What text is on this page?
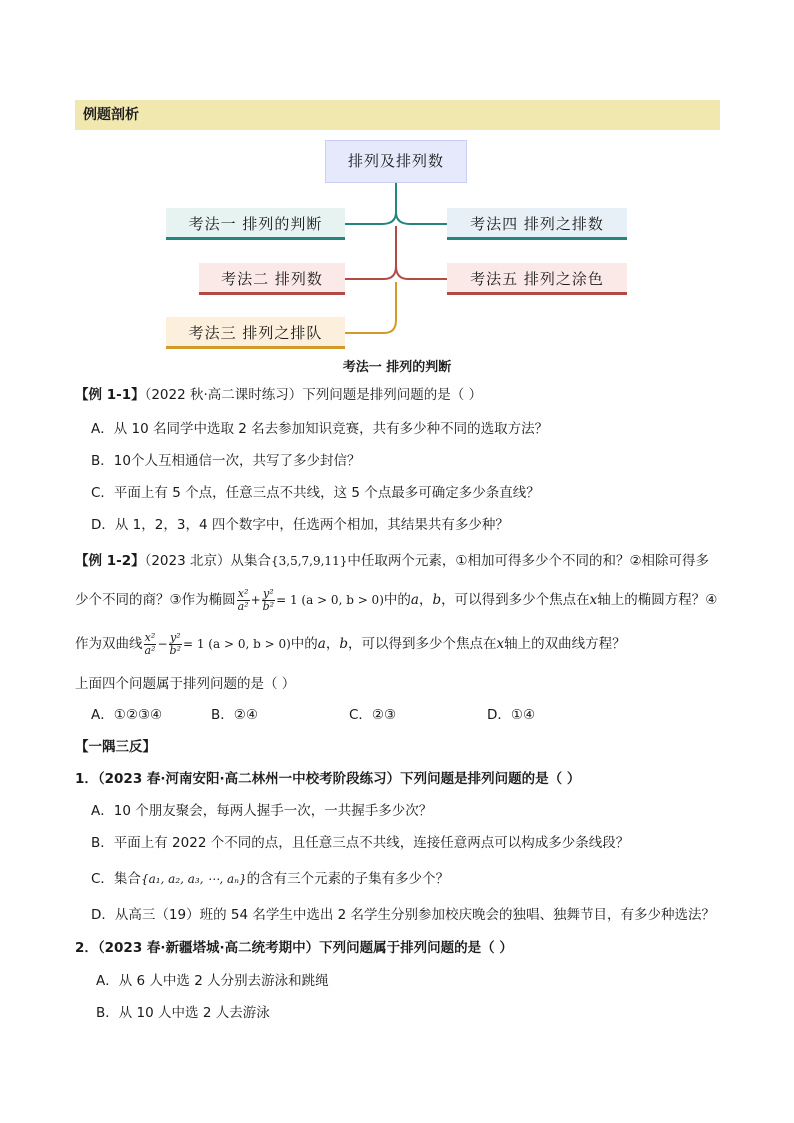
例题剖析
排列及排列数
考法一 排列的判断
考法二 排列数
考法三 排列之排队
考法四 排列之排数
考法五 排列之涂色
考法一 排列的判断
【例 1-1】（2022 秋·高二课时练习）下列问题是排列问题的是（ ）
A．从 10 名同学中选取 2 名去参加知识竞赛，共有多少种不同的选取方法？
B．10个人互相通信一次，共写了多少封信？
C．平面上有 5 个点，任意三点不共线，这 5 个点最多可确定多少条直线？
D．从 1，2，3，4 四个数字中，任选两个相加，其结果共有多少种？
【例 1-2】（2023 北京）从集合{3,5,7,9,11}中任取两个元素，①相加可得多少个不同的和？②相除可得多
少个不同的商？③作为椭圆 $\frac{\text{x²}}{\text{a²}} + \frac{\text{y²}}{\text{b²}} = 1$ (a > 0, b > 0)中的a，b，可以得到多少个焦点在x轴上的椭圆方程？④
作为双曲线 $\frac{\text{x²}}{\text{a²}} - \frac{\text{y²}}{\text{b²}} = 1$ (a > 0, b > 0)中的a，b，可以得到多少个焦点在x轴上的双曲线方程？
上面四个问题属于排列问题的是（ ）
A．①②③④	B．②④	C．②③	D．①④
【一隅三反】
1．（2023 春·河南安阳·高二林州一中校考阶段练习）下列问题是排列问题的是（ ）
A．10 个朋友聚会，每两人握手一次，一共握手多少次？
B．平面上有 2022 个不同的点，且任意三点不共线，连接任意两点可以构成多少条线段？
C．集合{a₁, a₂, a₃, ⋯, aₙ}的含有三个元素的子集有多少个？
D．从高三（19）班的 54 名学生中选出 2 名学生分别参加校庆晚会的独唱、独舞节目，有多少种选法？
2．（2023 春·新疆塔城·高二统考期中）下列问题属于排列问题的是（ ）
A．从 6 人中选 2 人分别去游泳和跳绳
B．从 10 人中选 2 人去游泳
